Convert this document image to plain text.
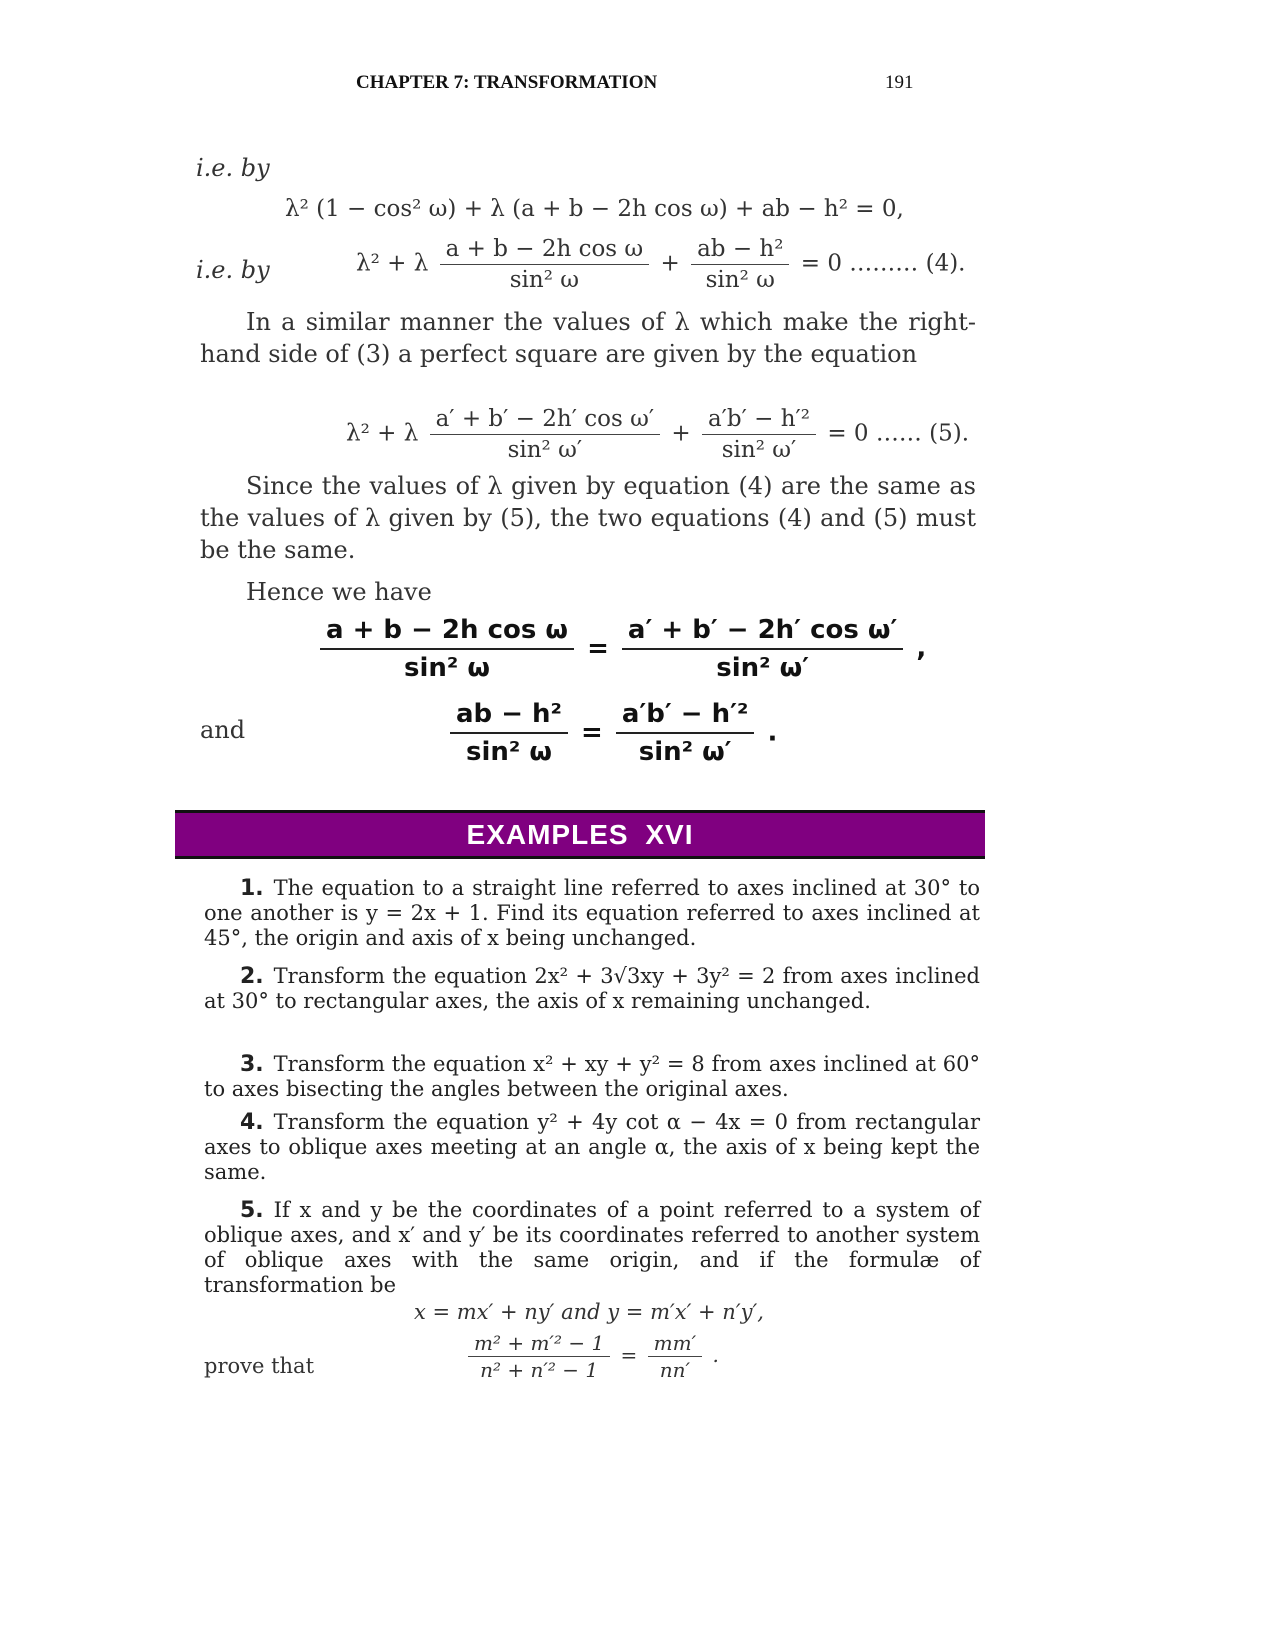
CHAPTER 7: TRANSFORMATION	191
i.e. by
λ² (1 − cos² ω) + λ (a + b − 2h cos ω) + ab − h² = 0,
i.e. by	λ² + λ $\frac{\text{a + b − 2h cos ω}}{\text{sin² ω}} + \frac{\text{ab − h²}}{\text{sin² ω}} = 0$ ……… (4).
In a similar manner the values of λ which make the right-hand side of (3) a perfect square are given by the equation
λ² + λ $\frac{\text{a′ + b′ − 2h′ cos ω′}}{\text{sin² ω′}} + \frac{\text{a′b′ − h′²}}{\text{sin² ω′}} = 0$ …… (5).
Since the values of λ given by equation (4) are the same as the values of λ given by (5), the two equations (4) and (5) must be the same.
Hence we have
$\frac{\text{a + b − 2h cos ω}}{\text{sin² ω}} = \frac{\text{a′ + b′ − 2h′ cos ω′}}{\text{sin² ω′}}$ ,
and	$\frac{\text{ab − h²}}{\text{sin² ω}} = \frac{\text{a′b′ − h′²}}{\text{sin² ω′}}$ .
EXAMPLES XVI
1. The equation to a straight line referred to axes inclined at 30° to one another is y = 2x + 1. Find its equation referred to axes inclined at 45°, the origin and axis of x being unchanged.
2. Transform the equation 2x² + 3√3xy + 3y² = 2 from axes inclined at 30° to rectangular axes, the axis of x remaining unchanged.
3. Transform the equation x² + xy + y² = 8 from axes inclined at 60° to axes bisecting the angles between the original axes.
4. Transform the equation y² + 4y cot α − 4x = 0 from rectangular axes to oblique axes meeting at an angle α, the axis of x being kept the same.
5. If x and y be the coordinates of a point referred to a system of oblique axes, and x′ and y′ be its coordinates referred to another system of oblique axes with the same origin, and if the formulæ of transformation be
x = mx′ + ny′ and y = m′x′ + n′y′,
prove that	$\frac{\text{m² + m′² − 1}}{\text{n² + n′² − 1}} = \frac{mm'}{nn'}$ .
